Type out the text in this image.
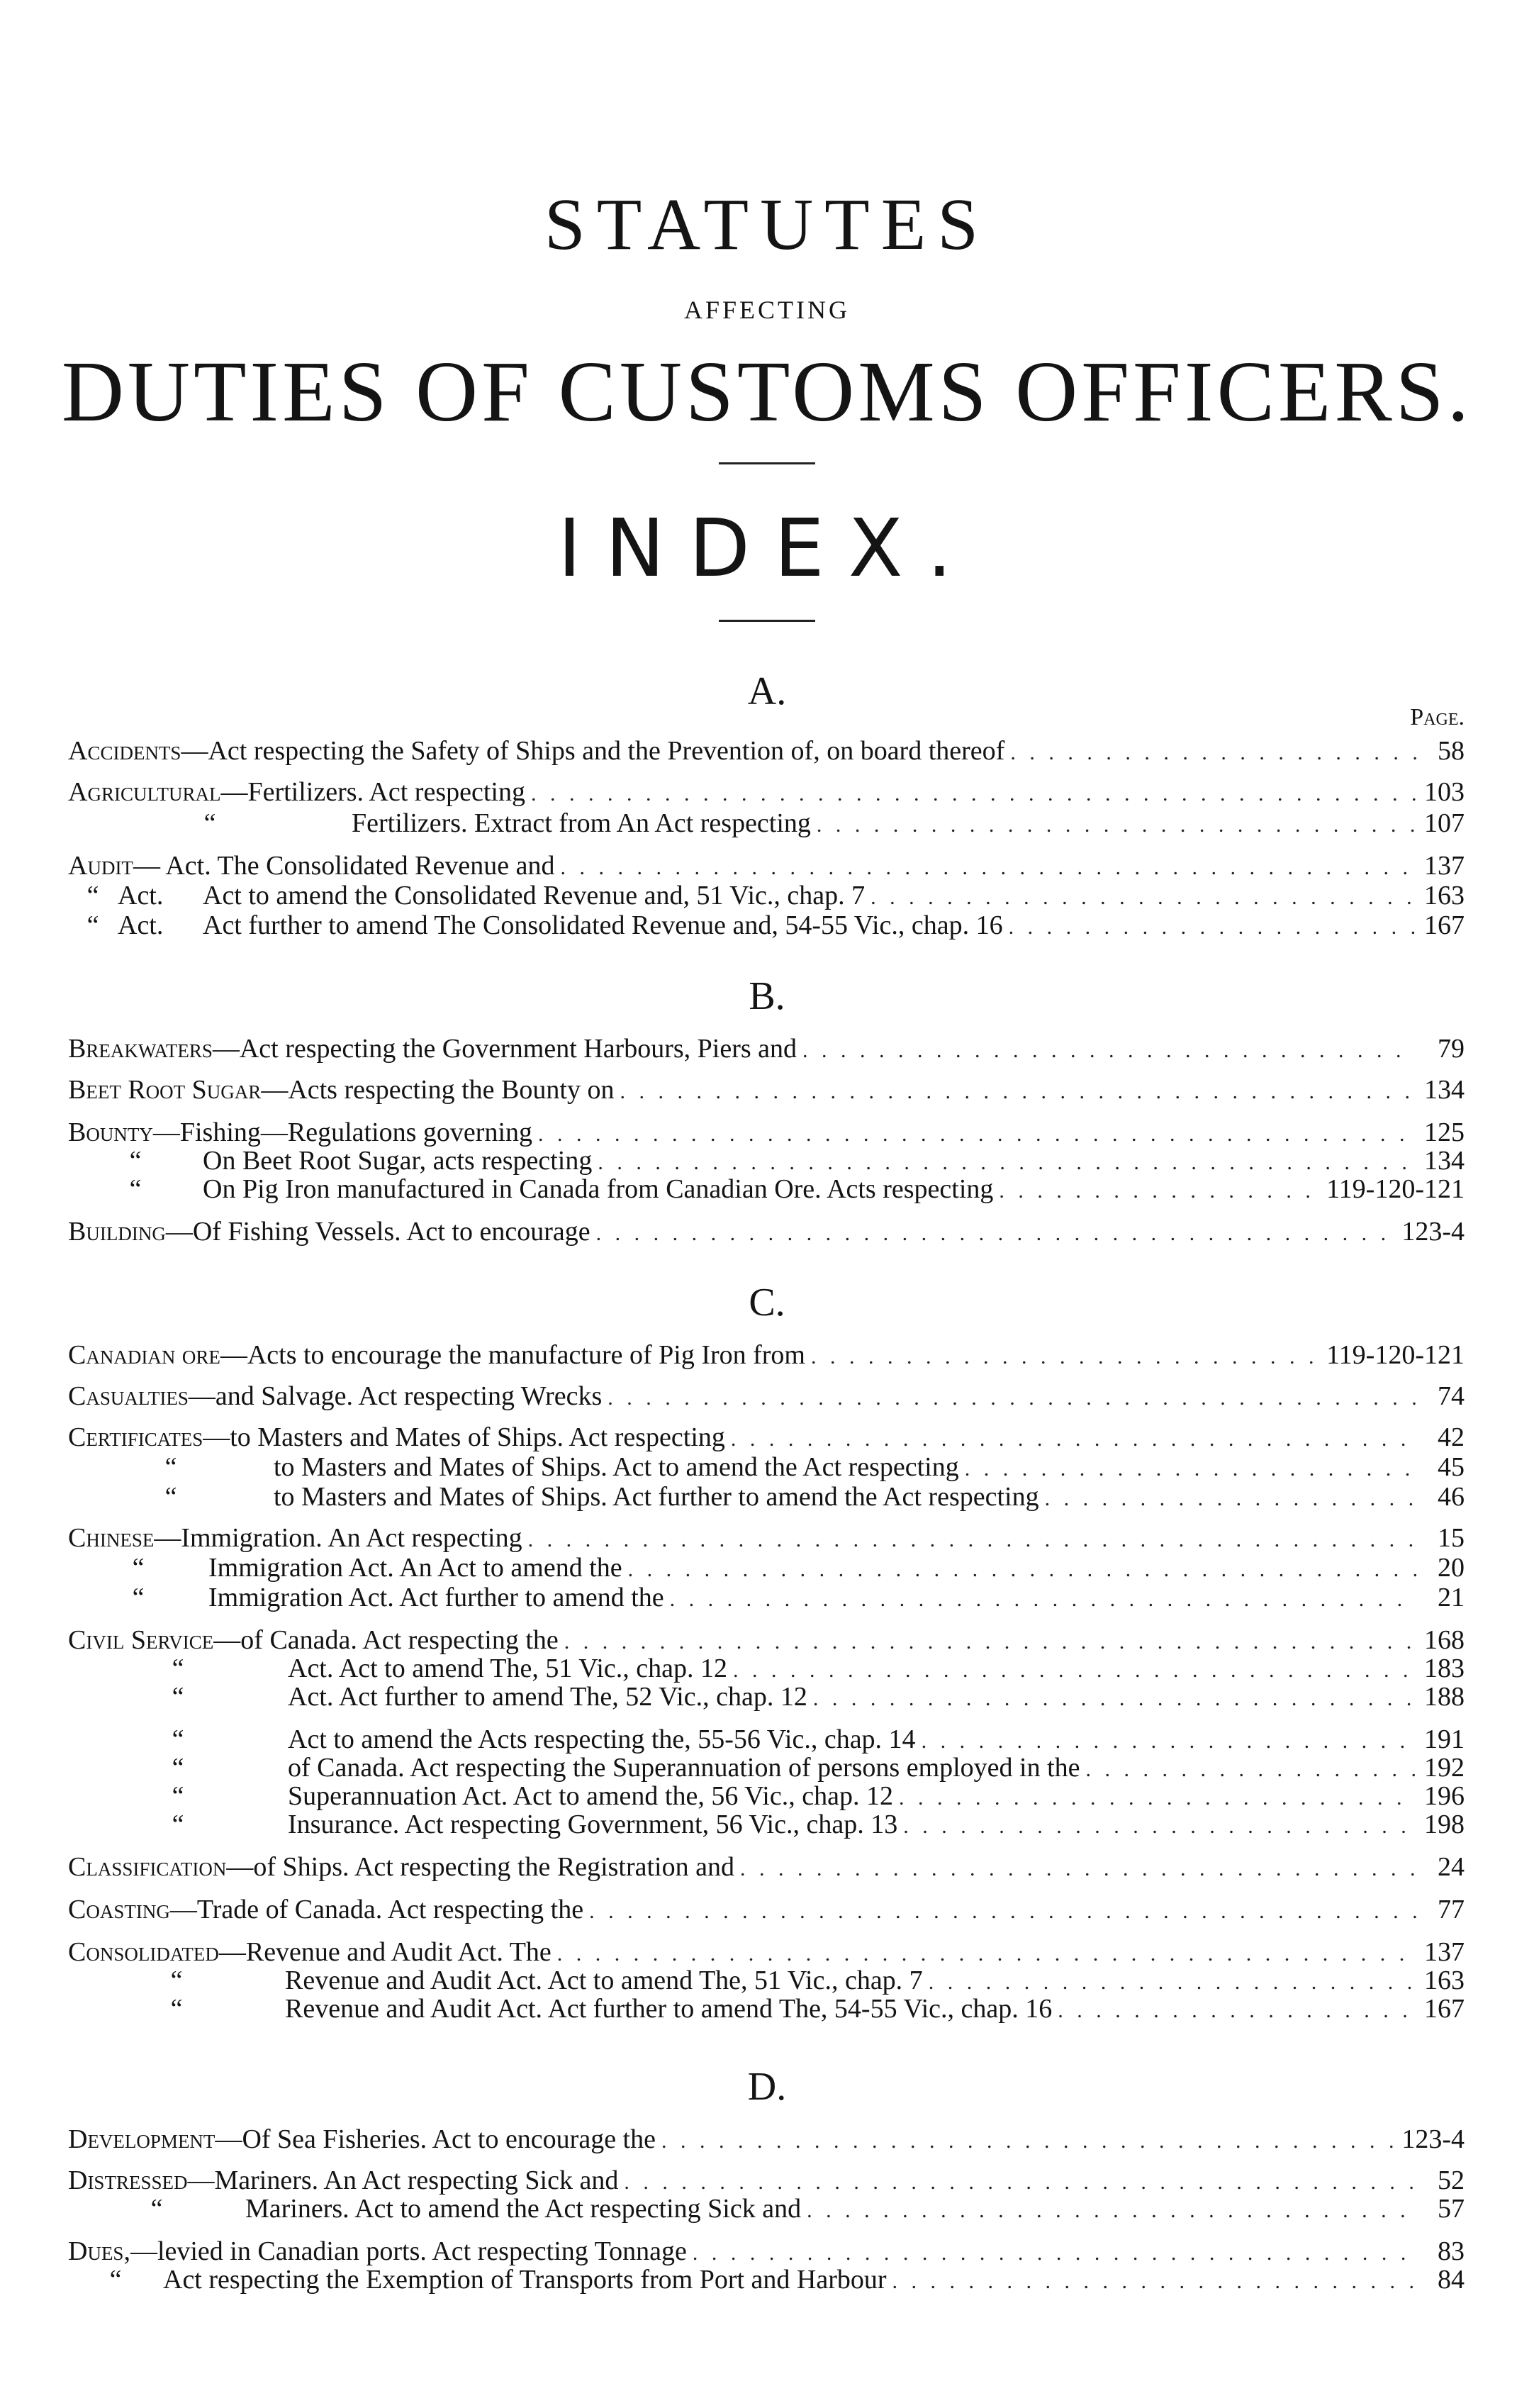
STATUTES
AFFECTING
DUTIES OF CUSTOMS OFFICERS.
INDEX.
A.
Page.
Accidents —Act respecting the Safety of Ships and the Prevention of, on board thereof . . .	58
Agricultural —Fertilizers. Act respecting . . .	103
“	Fertilizers. Extract from An Act respecting . . .	107
Audit — Act. The Consolidated Revenue and . . .	137
“ Act.	Act to amend the Consolidated Revenue and, 51 Vic., chap. 7 . . .	163
“ Act.	Act further to amend The Consolidated Revenue and, 54-55 Vic., chap. 16 . . .	167
B.
Breakwaters —Act respecting the Government Harbours, Piers and . . .	79
Beet Root Sugar —Acts respecting the Bounty on . . .	134
Bounty —Fishing—Regulations governing . . .	125
“	On Beet Root Sugar, acts respecting . . .	134
“	On Pig Iron manufactured in Canada from Canadian Ore. Acts respecting . . .	119-120-121
Building —Of Fishing Vessels. Act to encourage . . .	123-4
C.
Canadian ore —Acts to encourage the manufacture of Pig Iron from . . .	119-120-121
Casualties —and Salvage. Act respecting Wrecks . . .	74
Certificates —to Masters and Mates of Ships. Act respecting . . .	42
“	to Masters and Mates of Ships. Act to amend the Act respecting . . .	45
“	to Masters and Mates of Ships. Act further to amend the Act respecting . . .	46
Chinese —Immigration. An Act respecting . . .	15
“	Immigration Act. An Act to amend the . . .	20
“	Immigration Act. Act further to amend the . . .	21
Civil Service —of Canada. Act respecting the . . .	168
“	Act. Act to amend The, 51 Vic., chap. 12 . . .	183
“	Act. Act further to amend The, 52 Vic., chap. 12 . . .	188
“	Act to amend the Acts respecting the, 55-56 Vic., chap. 14 . . .	191
“	of Canada. Act respecting the Superannuation of persons employed in the . . .	192
“	Superannuation Act. Act to amend the, 56 Vic., chap. 12 . . .	196
“	Insurance. Act respecting Government, 56 Vic., chap. 13 . . .	198
Classification —of Ships. Act respecting the Registration and . . .	24
Coasting —Trade of Canada. Act respecting the . . .	77
Consolidated —Revenue and Audit Act. The . . .	137
“	Revenue and Audit Act. Act to amend The, 51 Vic., chap. 7 . . .	163
“	Revenue and Audit Act. Act further to amend The, 54-55 Vic., chap. 16 . . .	167
D.
Development —Of Sea Fisheries. Act to encourage the . . .	123-4
Distressed —Mariners. An Act respecting Sick and . . .	52
“	Mariners. Act to amend the Act respecting Sick and . . .	57
Dues, —levied in Canadian ports. Act respecting Tonnage . . .	83
“	Act respecting the Exemption of Transports from Port and Harbour . . .	84
